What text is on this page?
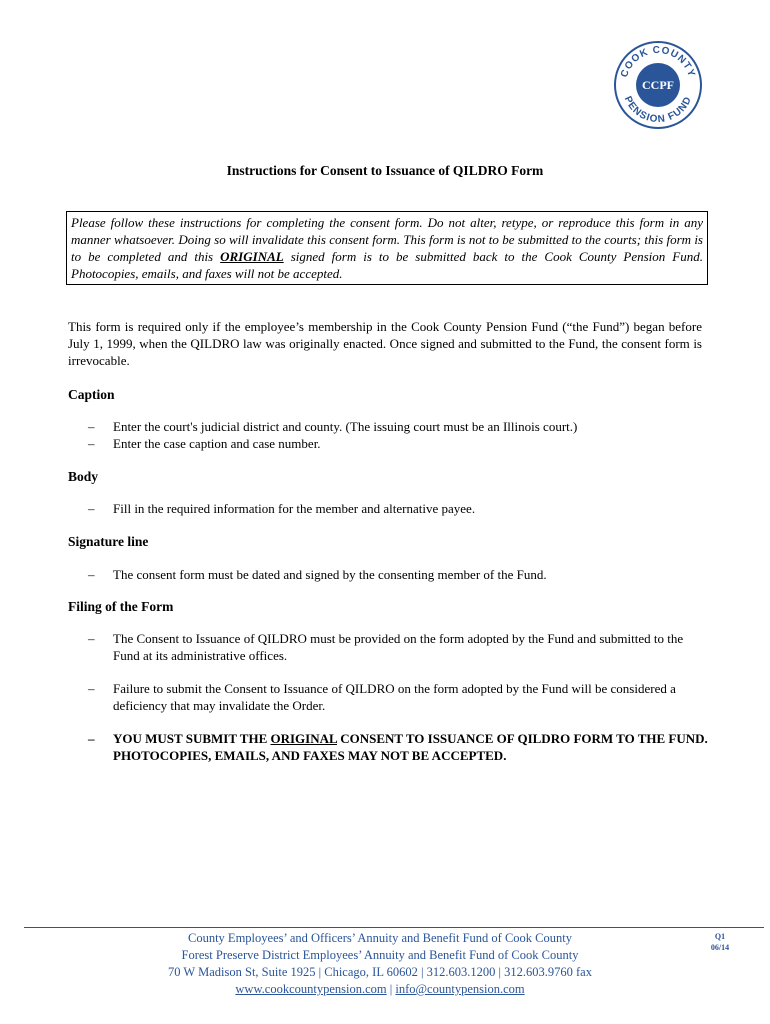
COOK COUNTY
PENSION FUND
CCPF
Instructions for Consent to Issuance of QILDRO Form
Please follow these instructions for completing the consent form. Do not alter, retype, or reproduce this form in any manner whatsoever. Doing so will invalidate this consent form. This form is not to be submitted to the courts; this form is to be completed and this ORIGINAL signed form is to be submitted back to the Cook County Pension Fund. Photocopies, emails, and faxes will not be accepted.
This form is required only if the employee’s membership in the Cook County Pension Fund (“the Fund”) began before July 1, 1999, when the QILDRO law was originally enacted. Once signed and submitted to the Fund, the consent form is irrevocable.
Caption
– Enter the court's judicial district and county. (The issuing court must be an Illinois court.)
– Enter the case caption and case number.
Body
– Fill in the required information for the member and alternative payee.
Signature line
– The consent form must be dated and signed by the consenting member of the Fund.
Filing of the Form
– The Consent to Issuance of QILDRO must be provided on the form adopted by the Fund and submitted to the Fund at its administrative offices.
– Failure to submit the Consent to Issuance of QILDRO on the form adopted by the Fund will be considered a deficiency that may invalidate the Order.
– YOU MUST SUBMIT THE ORIGINAL CONSENT TO ISSUANCE OF QILDRO FORM TO THE FUND. PHOTOCOPIES, EMAILS, AND FAXES MAY NOT BE ACCEPTED.
County Employees’ and Officers’ Annuity and Benefit Fund of Cook County
Forest Preserve District Employees’ Annuity and Benefit Fund of Cook County
70 W Madison St, Suite 1925 | Chicago, IL 60602 | 312.603.1200 | 312.603.9760 fax
www.cookcountypension.com | info@countypension.com
Q1
06/14
